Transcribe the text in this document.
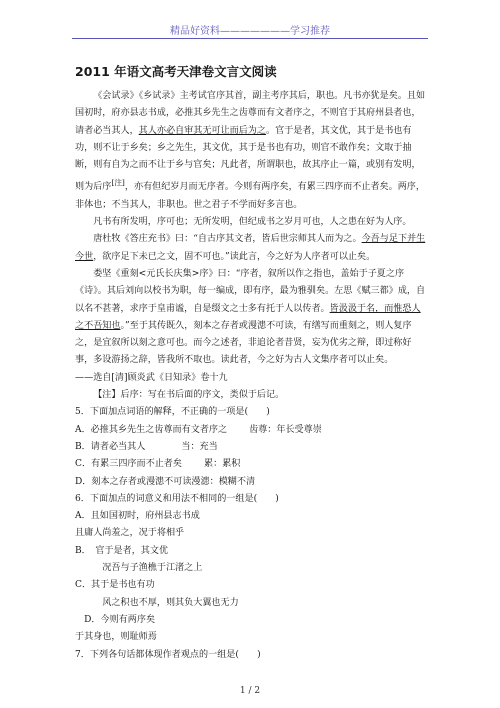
精品好资料———————学习推荐
2011 年语文高考天津卷文言文阅读

《会试录》《乡试录》主考试官序其首，副主考序其后，职也。凡书亦犹是矣。且如国初时，府亦县志书成，必推其乡先生之齿尊而有文者序之，不则官于其府州县者也，请者必当其人，其人亦必自审其无可让而后为之。官于是者，其文优，其于是书也有功，则不让于乡矣；乡之先生，其文优，其于是书也有功，则官不敢作矣；文取于抽断，则有自为之而不让于乡与官矣；凡此者，所谓职也，故其序止一篇，或别有发明，则为后序[注]，亦有但纪岁月而无序者。今则有两序矣，有累三四序而不止者矣。两序，非体也；不当其人，非职也。世之君子不学而好多言也。

凡书有所发明，序可也；无所发明，但纪成书之岁月可也，人之患在好为人序。

唐杜牧《答庄充书》曰：“自古序其文者，皆后世宗师其人而为之。今吾与足下并生今世，欲序足下未已之文，固不可也。”读此言，今之好为人序者可以止矣。

娄坚《重刻<元氏长庆集>序》曰：“序者，叙所以作之指也，盖始于子夏之序《诗》。其后刘向以校书为职，每一编成，即有序，最为雅驯矣。左思《赋三都》成，自以名不甚著，求序于皇甫谧，自是缀文之士多有托于人以传者。皆汲汲于名，而惟恐人之不吾知也。”至于其传既久，刻本之存者或漫漶不可读，有缮写而重刻之，则人复序之，是宜叙所以刻之意可也。而今之述者，非追论者昔贤，妄为优劣之辩，即过称好事，多设游扬之辞，皆我所不取也。读此者，今之好为古人文集序者可以止矣。

——选自[清]顾炎武《日知录》卷十九

【注】后序：写在书后面的序文，类似于后记。

5．下面加点词语的解释，不正确的一项是(　　)

A．必推其乡先生之齿尊而有文者序之 齿尊：年长受尊崇

B．请者必当其人	当：充当

C．有累三四序而不止者矣 累：累积

D．刻本之存者或漫漶不可读漫漶：模糊不清

6．下面加点的词意义和用法不相同的一组是(　　)

A．且如国初时，府州县志书成

且庸人尚羞之，况于将相乎

B．　官于是者，其文优

况吾与子渔樵于江渚之上

C．其于是书也有功

风之积也不厚，则其负大翼也无力

D．今则有两序矣

于其身也，则耻师焉

7．下列各句话都体现作者观点的一组是(　　)

1 / 2
